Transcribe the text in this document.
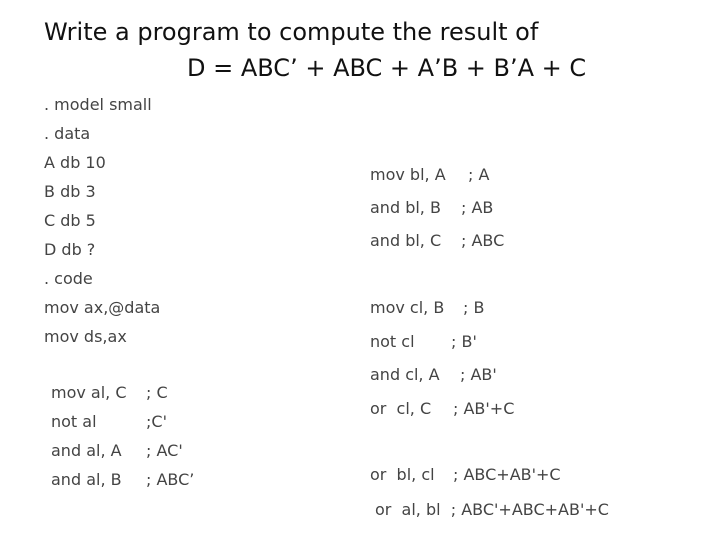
Write a program to compute the result of
D = ABC’ + ABC + A’B + B’A + C
. model small
. data
A db 10
B db 3
C db 5
D db ?
. code
mov ax,@data
mov ds,ax
mov al, C ; C
not al	;C'
and al, A ; AC'
and al, B ; ABC’
mov bl, A ; A
and bl, B ; AB
and bl, C ; ABC
mov cl, B ; B
not cl ; B'
and cl, A ; AB'
or  cl, C ; AB'+C
or  bl, cl ; ABC+AB'+C
or  al, bl  ; ABC'+ABC+AB'+C
